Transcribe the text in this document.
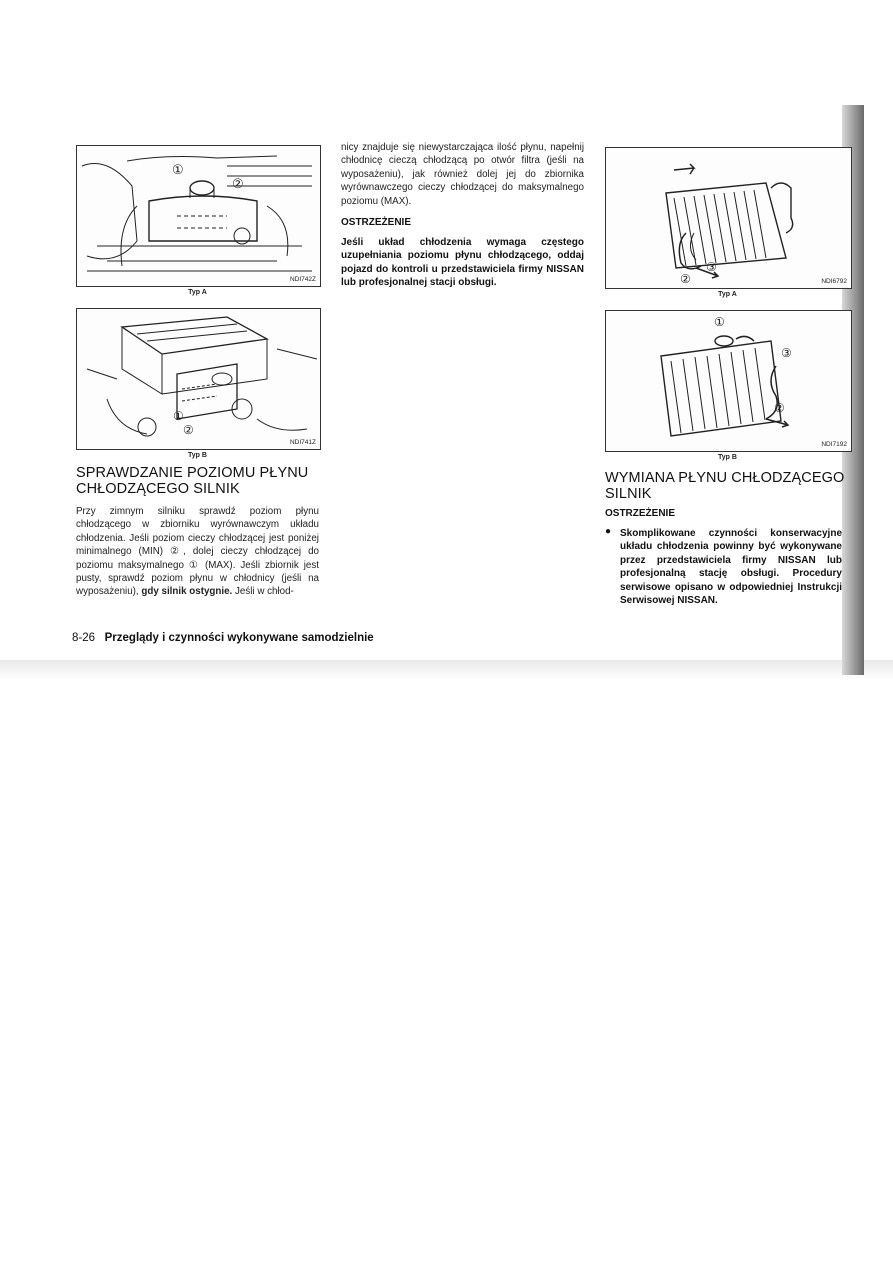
①
②
NDI742Z
Typ A
①
②
NDI741Z
Typ B
SPRAWDZANIE POZIOMU PŁYNU
CHŁODZĄCEGO SILNIK

Przy zimnym silniku sprawdź poziom płynu chłodzącego w zbiorniku wyrównawczym układu chłodzenia. Jeśli poziom cieczy chłodzącej jest poniżej minimalnego (MIN) ②, dolej cieczy chłodzącej do poziomu maksymalnego ① (MAX). Jeśli zbiornik jest pusty, sprawdź poziom płynu w chłodnicy (jeśli na wyposażeniu), gdy silnik ostygnie. Jeśli w chłod-

nicy znajduje się niewystarczająca ilość płynu, napełnij chłodnicę cieczą chłodzącą po otwór filtra (jeśli na wyposażeniu), jak również dolej jej do zbiornika wyrównawczego cieczy chłodzącej do maksymalnego poziomu (MAX).

OSTRZEŻENIE

Jeśli układ chłodzenia wymaga częstego uzupełniania poziomu płynu chłodzącego, oddaj pojazd do kontroli u przedstawiciela firmy NISSAN lub profesjonalnej stacji obsługi.	②
③
NDI6792
Typ A
①
②
③
NDI7192
Typ B
WYMIANA PŁYNU CHŁODZĄCEGO
SILNIK
OSTRZEŻENIE
● Skomplikowane czynności konserwacyjne układu chłodzenia powinny być wykonywane przez przedstawiciela firmy NISSAN lub profesjonalną stację obsługi. Procedury serwisowe opisano w odpowiedniej Instrukcji Serwisowej NISSAN.

8-26 Przeglądy i czynności wykonywane samodzielnie
